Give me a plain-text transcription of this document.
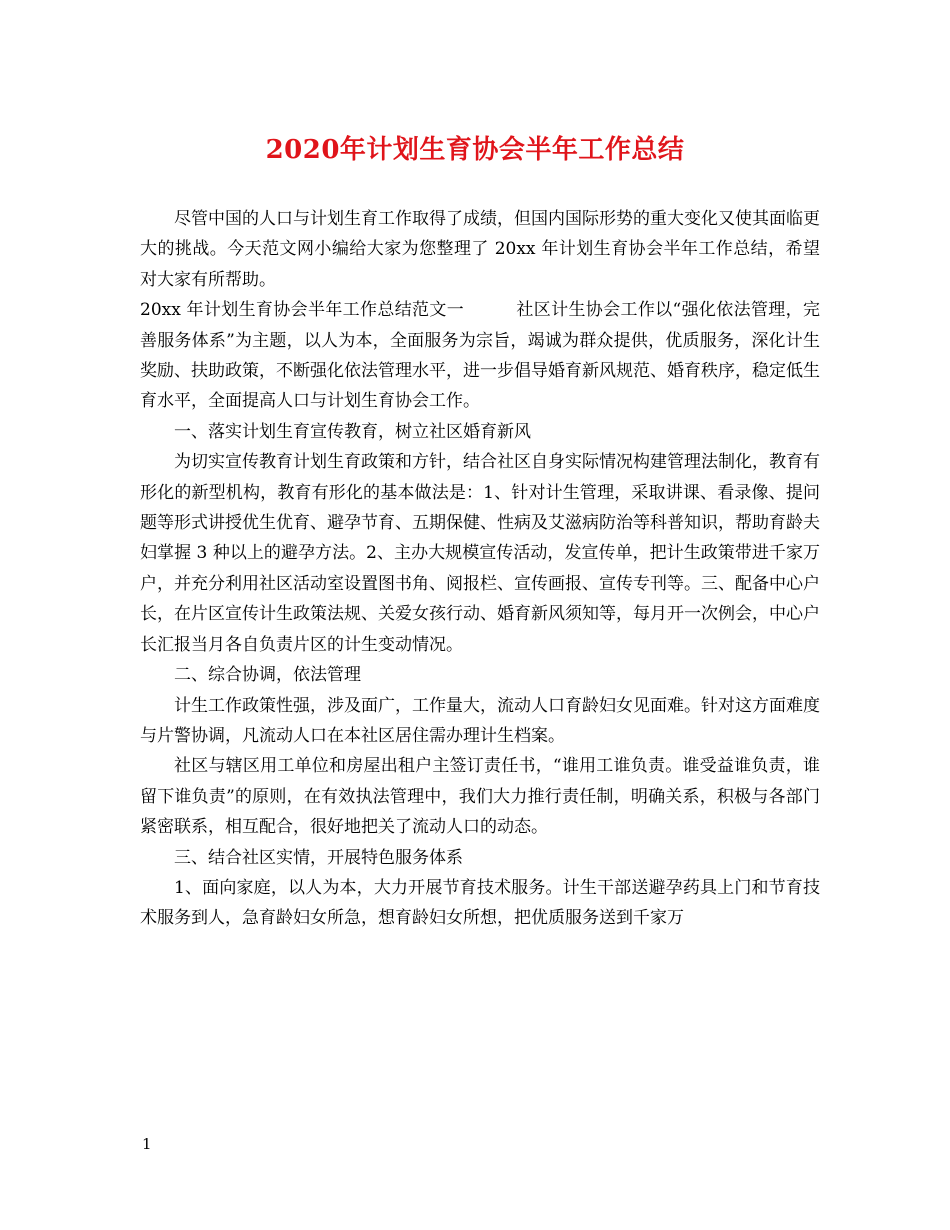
2020年计划生育协会半年工作总结

尽管中国的人口与计划生育工作取得了成绩，但国内国际形势的重大变化又使其面临更大的挑战。今天范文网小编给大家为您整理了 20xx 年计划生育协会半年工作总结，希望对大家有所帮助。

20xx 年计划生育协会半年工作总结范文一	社区计生协会工作以“强化依法管理，完善服务体系”为主题，以人为本，全面服务为宗旨，竭诚为群众提供，优质服务，深化计生奖励、扶助政策，不断强化依法管理水平，进一步倡导婚育新风规范、婚育秩序，稳定低生育水平，全面提高人口与计划生育协会工作。

一、落实计划生育宣传教育，树立社区婚育新风

为切实宣传教育计划生育政策和方针，结合社区自身实际情况构建管理法制化，教育有形化的新型机构，教育有形化的基本做法是：1、针对计生管理，采取讲课、看录像、提问题等形式讲授优生优育、避孕节育、五期保健、性病及艾滋病防治等科普知识，帮助育龄夫妇掌握 3 种以上的避孕方法。2、主办大规模宣传活动，发宣传单，把计生政策带进千家万户，并充分利用社区活动室设置图书角、阅报栏、宣传画报、宣传专刊等。三、配备中心户长，在片区宣传计生政策法规、关爱女孩行动、婚育新风须知等，每月开一次例会，中心户长汇报当月各自负责片区的计生变动情况。

二、综合协调，依法管理

计生工作政策性强，涉及面广，工作量大，流动人口育龄妇女见面难。针对这方面难度与片警协调，凡流动人口在本社区居住需办理计生档案。

社区与辖区用工单位和房屋出租户主签订责任书，“谁用工谁负责。谁受益谁负责，谁留下谁负责”的原则，在有效执法管理中，我们大力推行责任制，明确关系，积极与各部门紧密联系，相互配合，很好地把关了流动人口的动态。

三、结合社区实情，开展特色服务体系

1、面向家庭，以人为本，大力开展节育技术服务。计生干部送避孕药具上门和节育技术服务到人，急育龄妇女所急，想育龄妇女所想，把优质服务送到千家万

1
